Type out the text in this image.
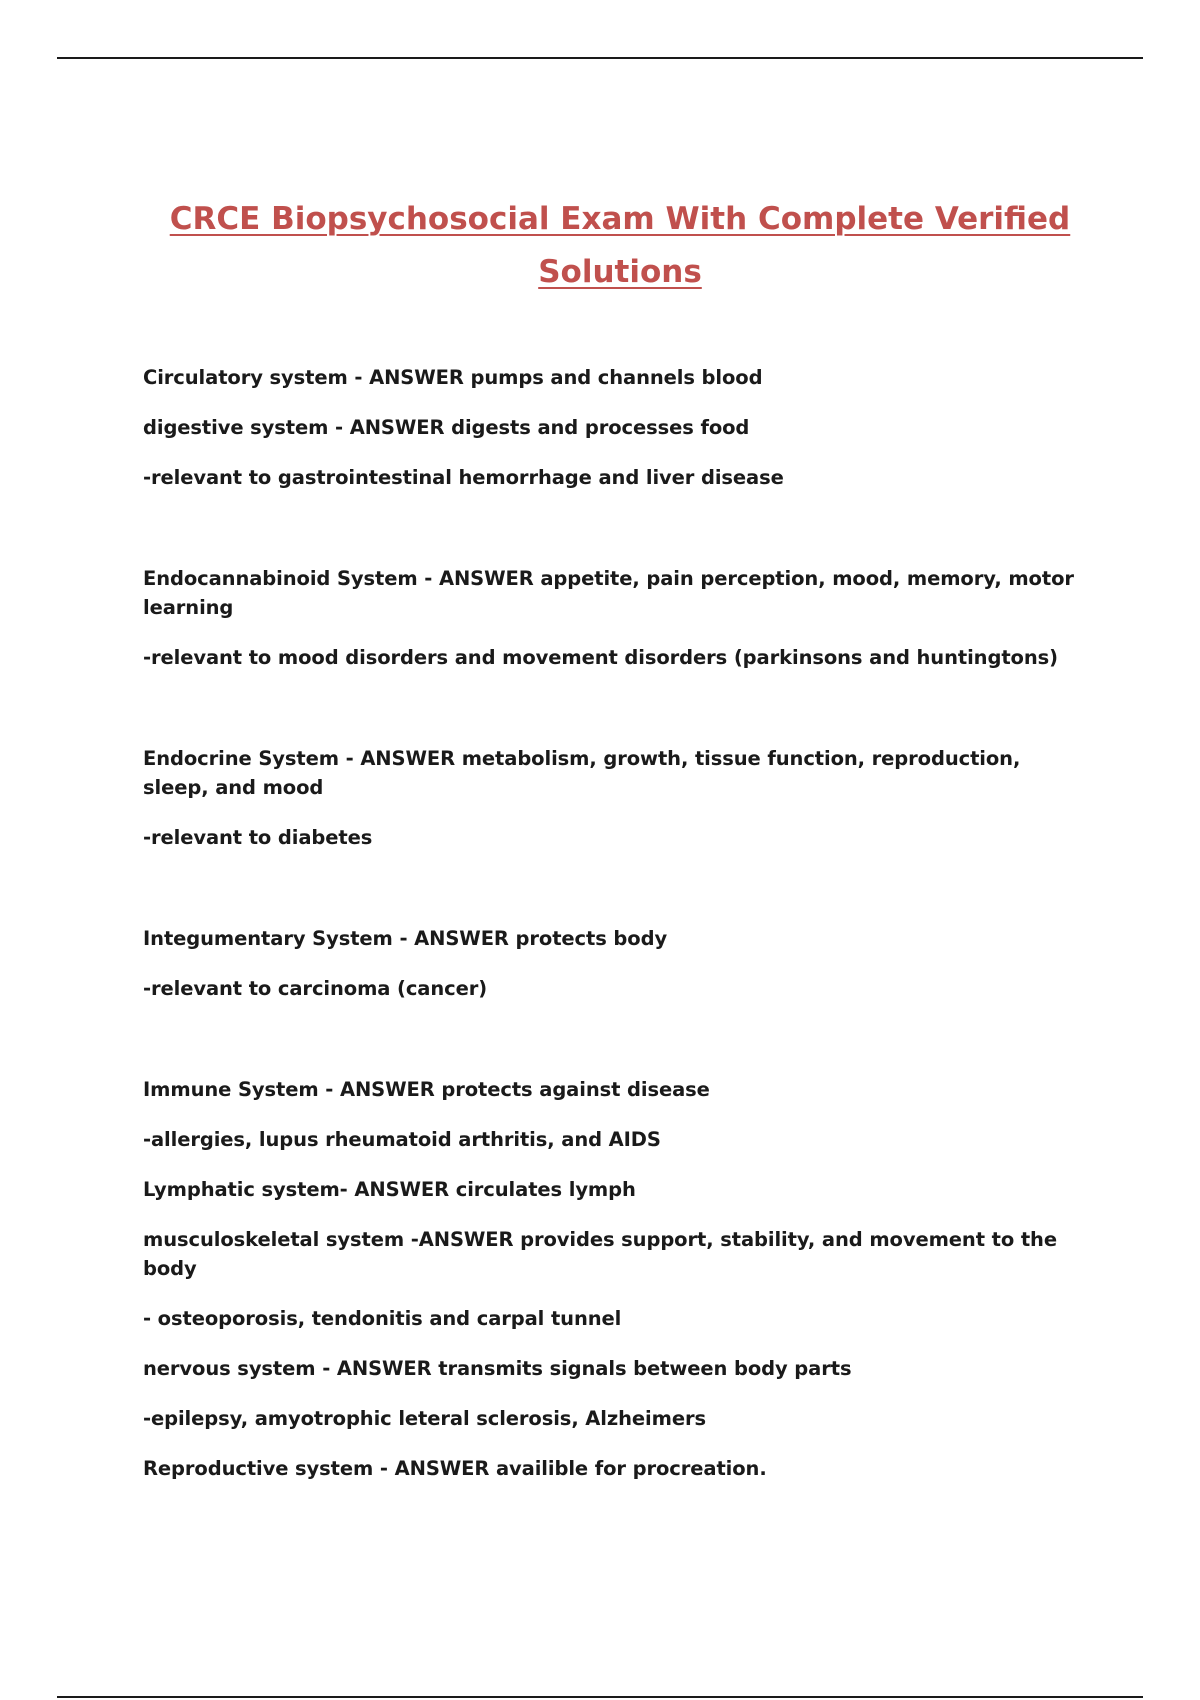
CRCE Biopsychosocial Exam With Complete Verified Solutions

Circulatory system - ANSWER pumps and channels blood

digestive system - ANSWER digests and processes food

-relevant to gastrointestinal hemorrhage and liver disease

Endocannabinoid System - ANSWER appetite, pain perception, mood, memory, motor learning

-relevant to mood disorders and movement disorders (parkinsons and huntingtons)

Endocrine System - ANSWER metabolism, growth, tissue function, reproduction, sleep, and mood

-relevant to diabetes

Integumentary System - ANSWER protects body

-relevant to carcinoma (cancer)

Immune System - ANSWER protects against disease

-allergies, lupus rheumatoid arthritis, and AIDS

Lymphatic system- ANSWER circulates lymph

musculoskeletal system -ANSWER provides support, stability, and movement to the body

- osteoporosis, tendonitis and carpal tunnel

nervous system - ANSWER transmits signals between body parts

-epilepsy, amyotrophic leteral sclerosis, Alzheimers

Reproductive system - ANSWER availible for procreation.
